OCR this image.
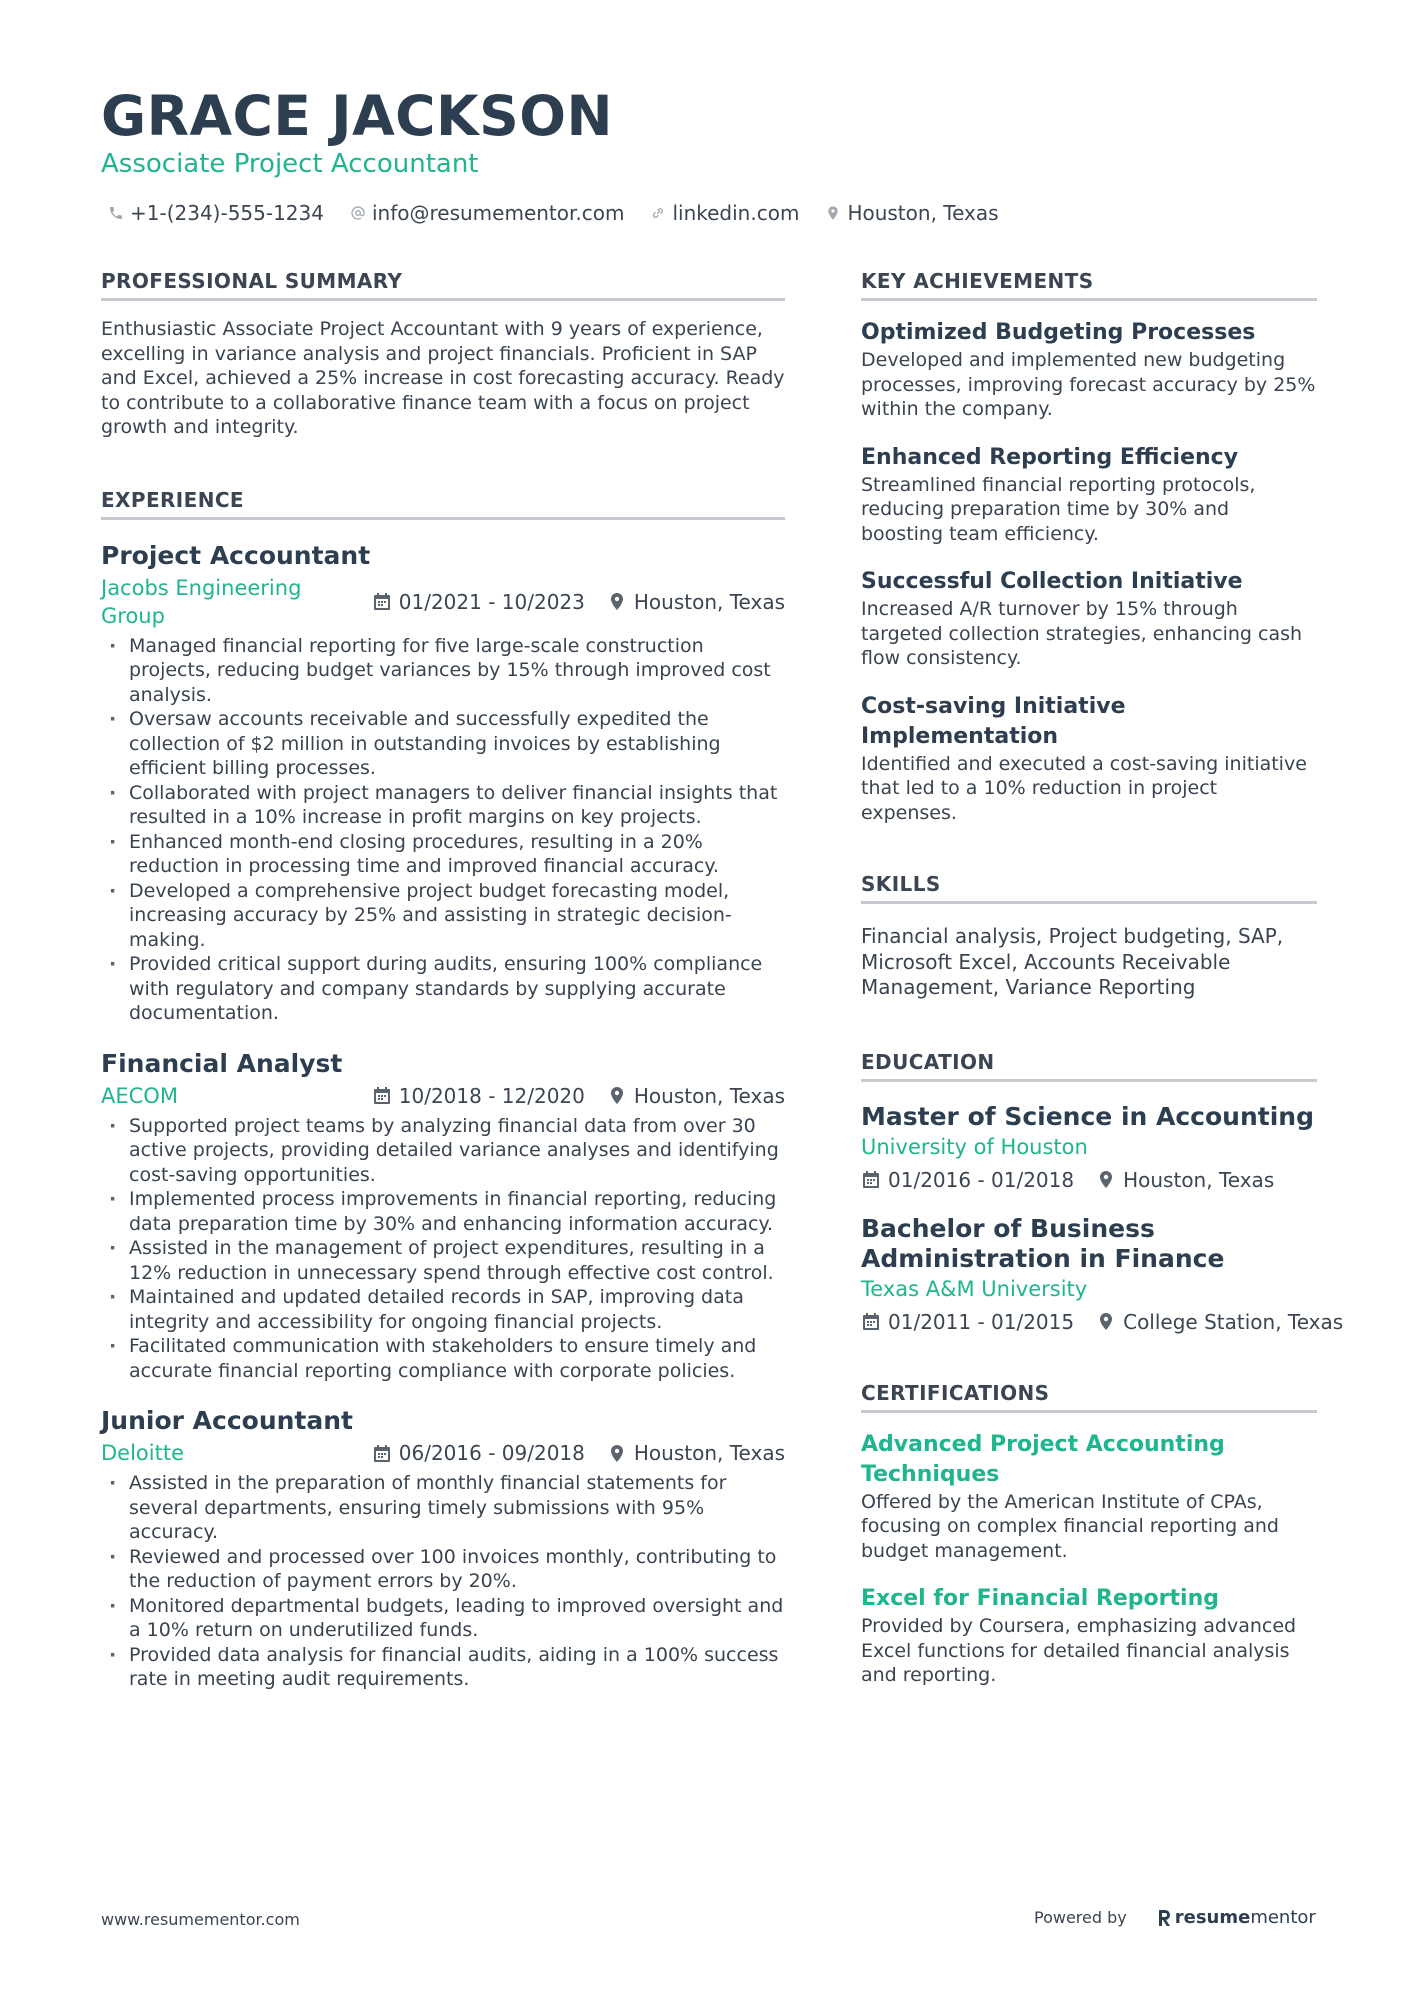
GRACE JACKSON
Associate Project Accountant
+1-(234)-555-1234 info@resumementor.com linkedin.com Houston, Texas
PROFESSIONAL SUMMARY

Enthusiastic Associate Project Accountant with 9 years of experience, excelling in variance analysis and project financials. Proficient in SAP and Excel, achieved a 25% increase in cost forecasting accuracy. Ready to contribute to a collaborative finance team with a focus on project growth and integrity.

EXPERIENCE
Project Accountant
Jacobs Engineering Group
01/2021 - 10/2023 Houston, Texas
· Managed financial reporting for five large-scale construction projects, reducing budget variances by 15% through improved cost analysis.
· Oversaw accounts receivable and successfully expedited the collection of $2 million in outstanding invoices by establishing efficient billing processes.
· Collaborated with project managers to deliver financial insights that resulted in a 10% increase in profit margins on key projects.
· Enhanced month-end closing procedures, resulting in a 20% reduction in processing time and improved financial accuracy.
· Developed a comprehensive project budget forecasting model, increasing accuracy by 25% and assisting in strategic decision-making.
· Provided critical support during audits, ensuring 100% compliance with regulatory and company standards by supplying accurate documentation.
Financial Analyst
AECOM	10/2018 - 12/2020 Houston, Texas
· Supported project teams by analyzing financial data from over 30 active projects, providing detailed variance analyses and identifying cost-saving opportunities.
· Implemented process improvements in financial reporting, reducing data preparation time by 30% and enhancing information accuracy.
· Assisted in the management of project expenditures, resulting in a 12% reduction in unnecessary spend through effective cost control.
· Maintained and updated detailed records in SAP, improving data integrity and accessibility for ongoing financial projects.
· Facilitated communication with stakeholders to ensure timely and accurate financial reporting compliance with corporate policies.
Junior Accountant
Deloitte	06/2016 - 09/2018 Houston, Texas
· Assisted in the preparation of monthly financial statements for several departments, ensuring timely submissions with 95% accuracy.
· Reviewed and processed over 100 invoices monthly, contributing to the reduction of payment errors by 20%.
· Monitored departmental budgets, leading to improved oversight and a 10% return on underutilized funds.
· Provided data analysis for financial audits, aiding in a 100% success rate in meeting audit requirements.
KEY ACHIEVEMENTS
Optimized Budgeting Processes

Developed and implemented new budgeting processes, improving forecast accuracy by 25% within the company.

Enhanced Reporting Efficiency

Streamlined financial reporting protocols, reducing preparation time by 30% and boosting team efficiency.

Successful Collection Initiative

Increased A/R turnover by 15% through targeted collection strategies, enhancing cash flow consistency.

Cost-saving Initiative Implementation

Identified and executed a cost-saving initiative that led to a 10% reduction in project expenses.

SKILLS

Financial analysis, Project budgeting, SAP, Microsoft Excel, Accounts Receivable Management, Variance Reporting

EDUCATION
Master of Science in Accounting
University of Houston
01/2016 - 01/2018 Houston, Texas
Bachelor of Business Administration in Finance
Texas A&M University
01/2011 - 01/2015 College Station, Texas
CERTIFICATIONS
Advanced Project Accounting Techniques

Offered by the American Institute of CPAs, focusing on complex financial reporting and budget management.

Excel for Financial Reporting

Provided by Coursera, emphasizing advanced Excel functions for detailed financial analysis and reporting.

www.resumementor.com	Powered by	resume mentor
